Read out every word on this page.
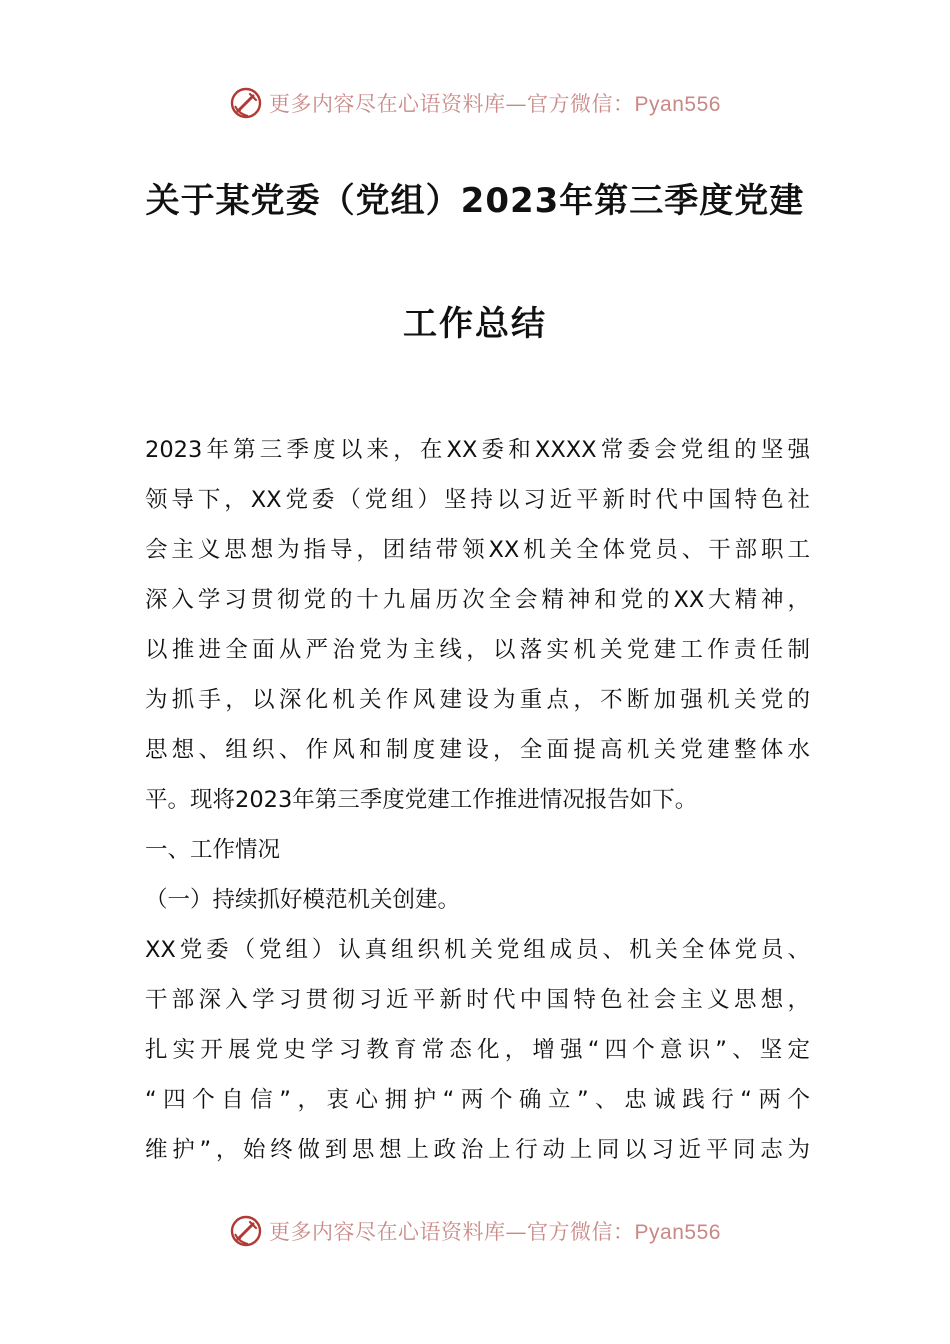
更多内容尽在心语资料库—官方微信：Pyan556
关于某党委（党组）2023年第三季度党建
工作总结
2023年第三季度以来，在XX委和XXXX常委会党组的坚强
领导下，XX党委（党组）坚持以习近平新时代中国特色社
会主义思想为指导，团结带领XX机关全体党员、干部职工
深入学习贯彻党的十九届历次全会精神和党的XX大精神，
以推进全面从严治党为主线，以落实机关党建工作责任制
为抓手，以深化机关作风建设为重点，不断加强机关党的
思想、组织、作风和制度建设，全面提高机关党建整体水
平。现将2023年第三季度党建工作推进情况报告如下。
一、工作情况
（一）持续抓好模范机关创建。
XX党委（党组）认真组织机关党组成员、机关全体党员、
干部深入学习贯彻习近平新时代中国特色社会主义思想，
扎实开展党史学习教育常态化，增强“四个意识”、坚定
“四个自信”，衷心拥护“两个确立”、忠诚践行“两个
维护”，始终做到思想上政治上行动上同以习近平同志为
更多内容尽在心语资料库—官方微信：Pyan556
